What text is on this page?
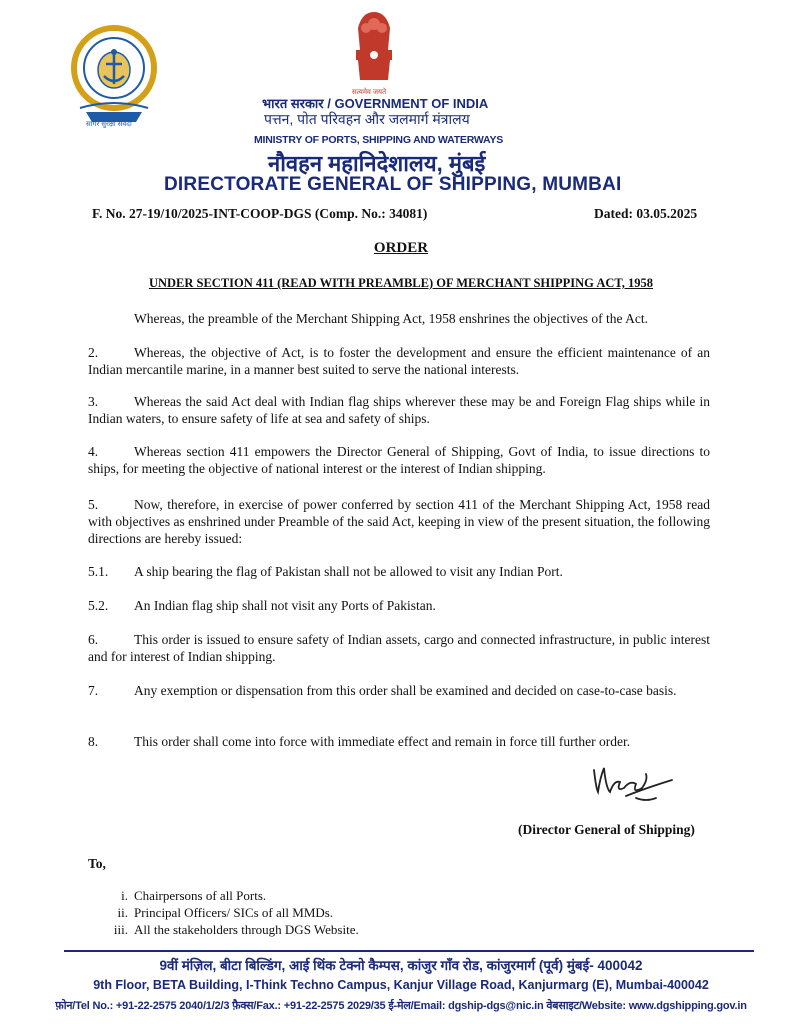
सागर सुरक्षा सर्वदा
सत्यमेव जयते
भारत सरकार / GOVERNMENT OF INDIA
पत्तन, पोत परिवहन और जलमार्ग मंत्रालय
MINISTRY OF PORTS, SHIPPING AND WATERWAYS
नौवहन महानिदेशालय, मुंबई
DIRECTORATE GENERAL OF SHIPPING, MUMBAI
F. No. 27-19/10/2025-INT-COOP-DGS (Comp. No.: 34081)	Dated: 03.05.2025
ORDER
UNDER SECTION 411 (READ WITH PREAMBLE) OF MERCHANT SHIPPING ACT, 1958
Whereas, the preamble of the Merchant Shipping Act, 1958 enshrines the objectives of the Act.
2.	Whereas, the objective of Act, is to foster the development and ensure the efficient maintenance of an Indian mercantile marine, in a manner best suited to serve the national interests.
3.	Whereas the said Act deal with Indian flag ships wherever these may be and Foreign Flag ships while in Indian waters, to ensure safety of life at sea and safety of ships.
4.	Whereas section 411 empowers the Director General of Shipping, Govt of India, to issue directions to ships, for meeting the objective of national interest or the interest of Indian shipping.
5.	Now, therefore, in exercise of power conferred by section 411 of the Merchant Shipping Act, 1958 read with objectives as enshrined under Preamble of the said Act, keeping in view of the present situation, the following directions are hereby issued:
5.1. A ship bearing the flag of Pakistan shall not be allowed to visit any Indian Port.
5.2. An Indian flag ship shall not visit any Ports of Pakistan.
6.	This order is issued to ensure safety of Indian assets, cargo and connected infrastructure, in public interest and for interest of Indian shipping.
7.	Any exemption or dispensation from this order shall be examined and decided on case-to-case basis.
8.	This order shall come into force with immediate effect and remain in force till further order.
(Director General of Shipping)
To,
i. Chairpersons of all Ports.
ii. Principal Officers/ SICs of all MMDs.
iii. All the stakeholders through DGS Website.
9वीं मंज़िल, बीटा बिल्डिंग, आई थिंक टेक्नो कैम्पस, कांजुर गाँव रोड, कांजुरमार्ग (पूर्व) मुंबई- 400042
9th Floor, BETA Building, I-Think Techno Campus, Kanjur Village Road, Kanjurmarg (E), Mumbai-400042
फ़ोन/Tel No.: +91-22-2575 2040/1/2/3 फ़ैक्स/Fax.: +91-22-2575 2029/35 ई-मेल/Email: dgship-dgs@nic.in वेबसाइट/Website: www.dgshipping.gov.in
